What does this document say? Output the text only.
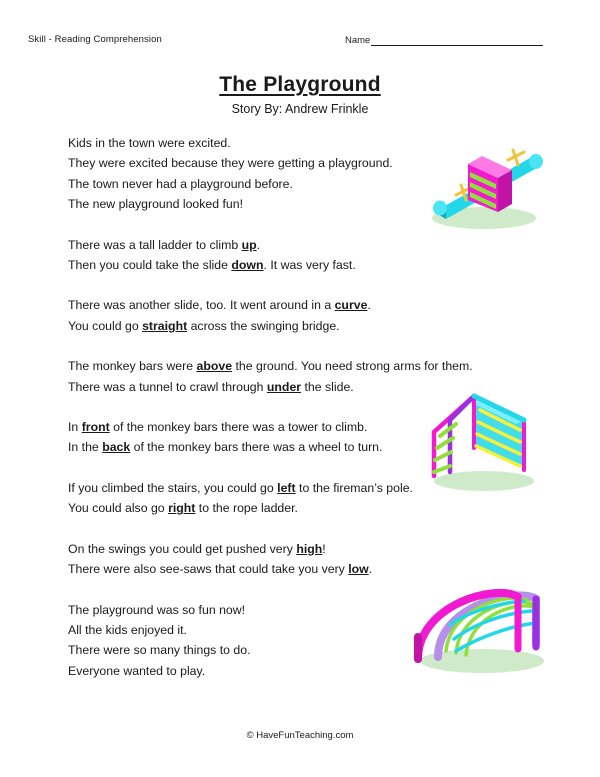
Skill - Reading Comprehension	Name
The Playground
Story By: Andrew Frinkle
Kids in the town were excited.
They were excited because they were getting a playground.
The town never had a playground before.
The new playground looked fun!
There was a tall ladder to climb up.
Then you could take the slide down. It was very fast.
There was another slide, too. It went around in a curve.
You could go straight across the swinging bridge.
The monkey bars were above the ground. You need strong arms for them.
There was a tunnel to crawl through under the slide.
In front of the monkey bars there was a tower to climb.
In the back of the monkey bars there was a wheel to turn.
If you climbed the stairs, you could go left to the fireman’s pole.
You could also go right to the rope ladder.
On the swings you could get pushed very high!
There were also see-saws that could take you very low.
The playground was so fun now!
All the kids enjoyed it.
There were so many things to do.
Everyone wanted to play.
© HaveFunTeaching.com
